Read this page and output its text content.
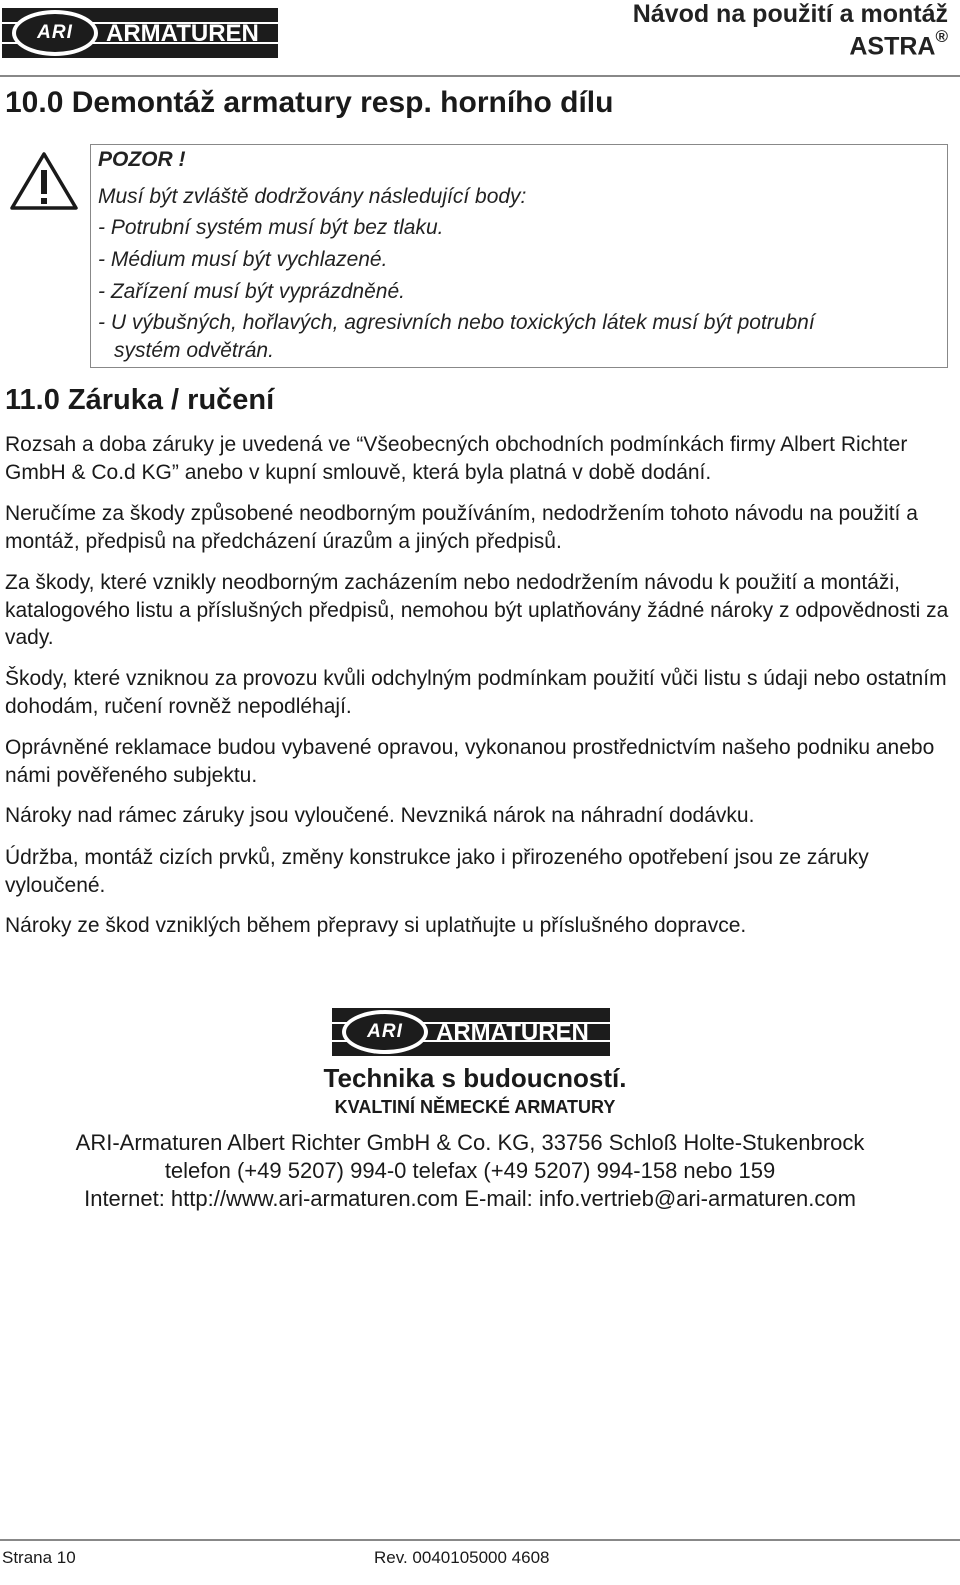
ARI	ARMATUREN
Návod na použití a montáž
ASTRA®
10.0 Demontáž armatury resp. horního dílu
POZOR !
Musí být zvláště dodržovány následující body:
- Potrubní systém musí být bez tlaku.
- Médium musí být vychlazené.
- Zařízení musí být vyprázdněné.
- U výbušných, hořlavých, agresivních nebo toxických látek musí být potrubní
systém odvětrán.
11.0 Záruka / ručení
Rozsah a doba záruky je uvedená ve “Všeobecných obchodních podmínkách firmy Albert Richter GmbH & Co.d KG” anebo v kupní smlouvě, která byla platná v době dodání.
Neručíme za škody způsobené neodborným používáním, nedodržením tohoto návodu na použití a montáž, předpisů na předcházení úrazům a jiných předpisů.
Za škody, které vznikly neodborným zacházením nebo nedodržením návodu k použití a montáži, katalogového listu a příslušných předpisů, nemohou být uplatňovány žádné nároky z odpovědnosti za vady.
Škody, které vzniknou za provozu kvůli odchylným podmínkam použití vůči listu s údaji nebo ostatním dohodám, ručení rovněž nepodléhají.
Oprávněné reklamace budou vybavené opravou, vykonanou prostřednictvím našeho podniku anebo námi pověřeného subjektu.
Nároky nad rámec záruky jsou vyloučené. Nevzniká nárok na náhradní dodávku.
Údržba, montáž cizích prvků, změny konstrukce jako i přirozeného opotřebení jsou ze záruky vyloučené.
Nároky ze škod vzniklých během přepravy si uplatňujte u příslušného dopravce.
ARI	ARMATUREN
Technika s budoucností.
KVALTINÍ NĚMECKÉ ARMATURY
ARI-Armaturen Albert Richter GmbH & Co. KG, 33756 Schloß Holte-Stukenbrock
telefon (+49 5207) 994-0 telefax (+49 5207) 994-158 nebo 159
Internet: http://www.ari-armaturen.com E-mail: info.vertrieb@ari-armaturen.com
Strana 10	Rev. 0040105000 4608
